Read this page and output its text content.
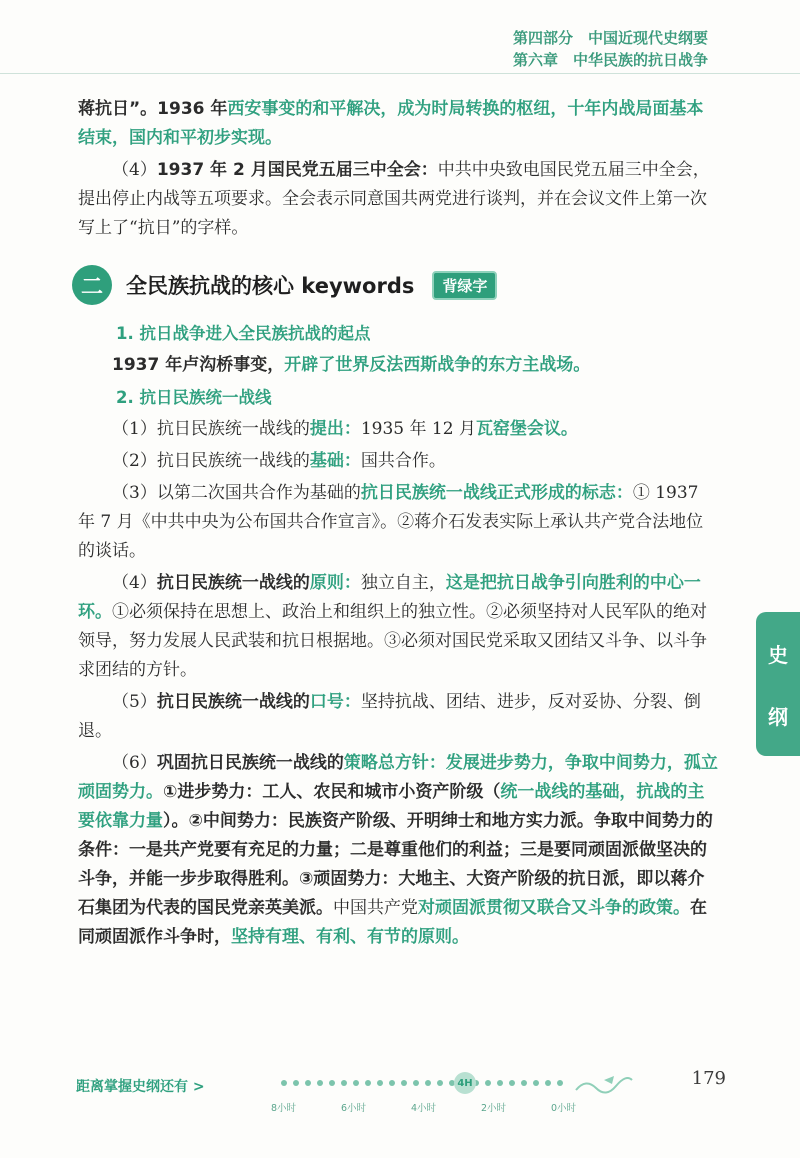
第四部分　中国近现代史纲要
第六章　中华民族的抗日战争

蒋抗日”。1936 年西安事变的和平解决，成为时局转换的枢纽，十年内战局面基本结束，国内和平初步实现。

（4）1937 年 2 月国民党五届三中全会：中共中央致电国民党五届三中全会，提出停止内战等五项要求。全会表示同意国共两党进行谈判，并在会议文件上第一次写上了“抗日”的字样。

二	全民族抗战的核心 keywords	背绿字
1. 抗日战争进入全民族抗战的起点

1937 年卢沟桥事变，开辟了世界反法西斯战争的东方主战场。

2. 抗日民族统一战线

（1）抗日民族统一战线的提出：1935 年 12 月瓦窑堡会议。

（2）抗日民族统一战线的基础：国共合作。

（3）以第二次国共合作为基础的抗日民族统一战线正式形成的标志：① 1937 年 7 月《中共中央为公布国共合作宣言》。②蒋介石发表实际上承认共产党合法地位的谈话。

（4）抗日民族统一战线的原则：独立自主，这是把抗日战争引向胜利的中心一环。①必须保持在思想上、政治上和组织上的独立性。②必须坚持对人民军队的绝对领导，努力发展人民武装和抗日根据地。③必须对国民党采取又团结又斗争、以斗争求团结的方针。

（5）抗日民族统一战线的口号：坚持抗战、团结、进步，反对妥协、分裂、倒退。

（6）巩固抗日民族统一战线的策略总方针：发展进步势力，争取中间势力，孤立顽固势力。①进步势力：工人、农民和城市小资产阶级（统一战线的基础，抗战的主要依靠力量）。②中间势力：民族资产阶级、开明绅士和地方实力派。争取中间势力的条件：一是共产党要有充足的力量；二是尊重他们的利益；三是要同顽固派做坚决的斗争，并能一步步取得胜利。③顽固势力：大地主、大资产阶级的抗日派，即以蒋介石集团为代表的国民党亲英美派。中国共产党对顽固派贯彻又联合又斗争的政策。在同顽固派作斗争时，坚持有理、有利、有节的原则。

史
纲
距离掌握史纲还有 >	4H
8小时	6小时	4小时	2小时	0小时
179
